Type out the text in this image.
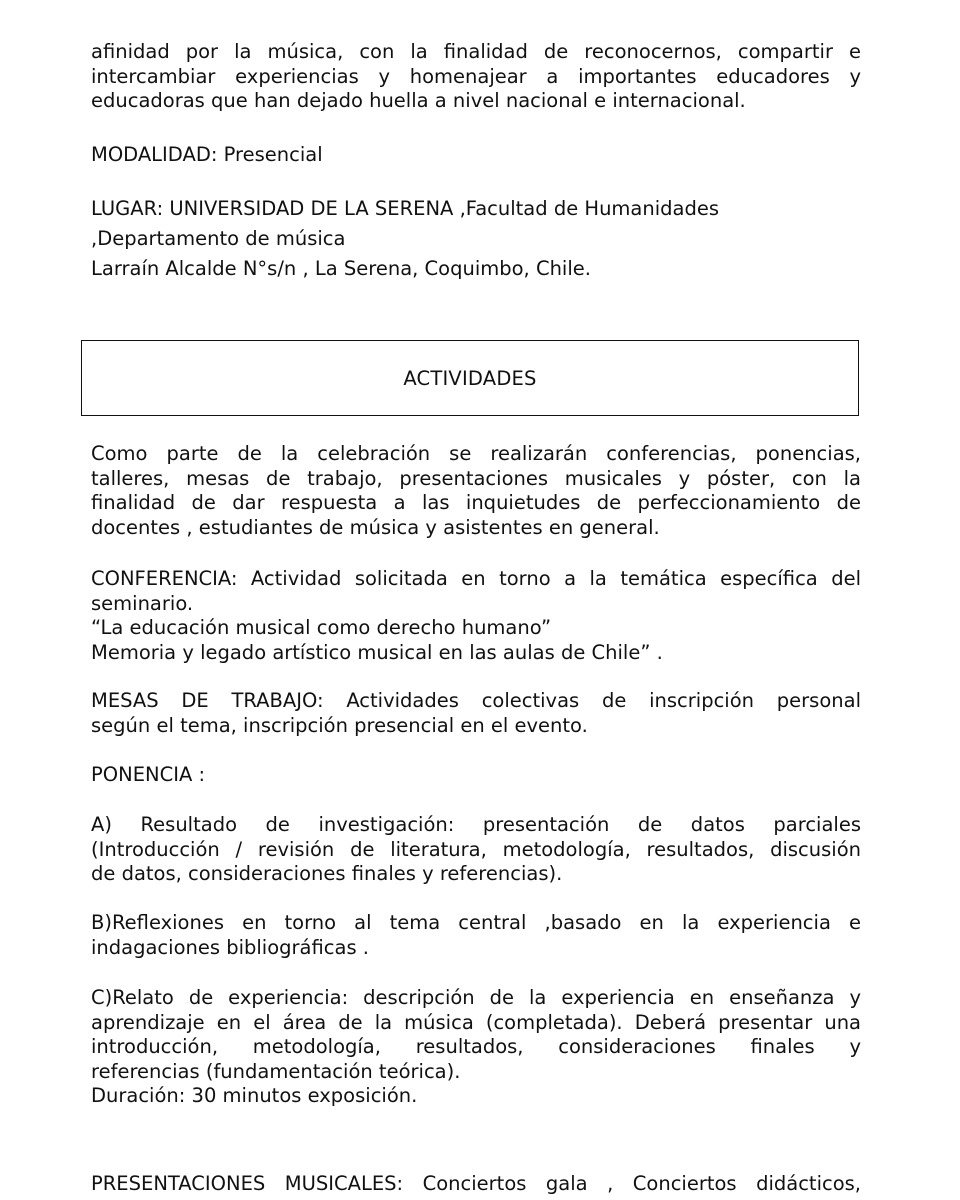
afinidad por la música, con la finalidad de reconocernos, compartir e
intercambiar experiencias y homenajear a importantes educadores y
educadoras que han dejado huella a nivel nacional e internacional.
MODALIDAD: Presencial
LUGAR: UNIVERSIDAD DE LA SERENA ,Facultad de Humanidades
,Departamento de música
Larraín Alcalde N°s/n , La Serena, Coquimbo, Chile.
Como parte de la celebración se realizarán conferencias, ponencias,
talleres, mesas de trabajo, presentaciones musicales y póster, con la
finalidad de dar respuesta a las inquietudes de perfeccionamiento de
docentes , estudiantes de música y asistentes en general.
CONFERENCIA: Actividad solicitada en torno a la temática específica del
seminario.
“La educación musical como derecho humano”
Memoria y legado artístico musical en las aulas de Chile” .
MESAS DE TRABAJO: Actividades colectivas de inscripción personal
según el tema, inscripción presencial en el evento.
PONENCIA :
A) Resultado de investigación: presentación de datos parciales
(Introducción / revisión de literatura, metodología, resultados, discusión
de datos, consideraciones finales y referencias).
B)Reflexiones en torno al tema central ,basado en la experiencia e
indagaciones bibliográficas .
C)Relato de experiencia: descripción de la experiencia en enseñanza y
aprendizaje en el área de la música (completada). Deberá presentar una
introducción, metodología, resultados, consideraciones finales y
referencias (fundamentación teórica).
Duración: 30 minutos exposición.
PRESENTACIONES MUSICALES: Conciertos gala , Conciertos didácticos,
ACTIVIDADES
